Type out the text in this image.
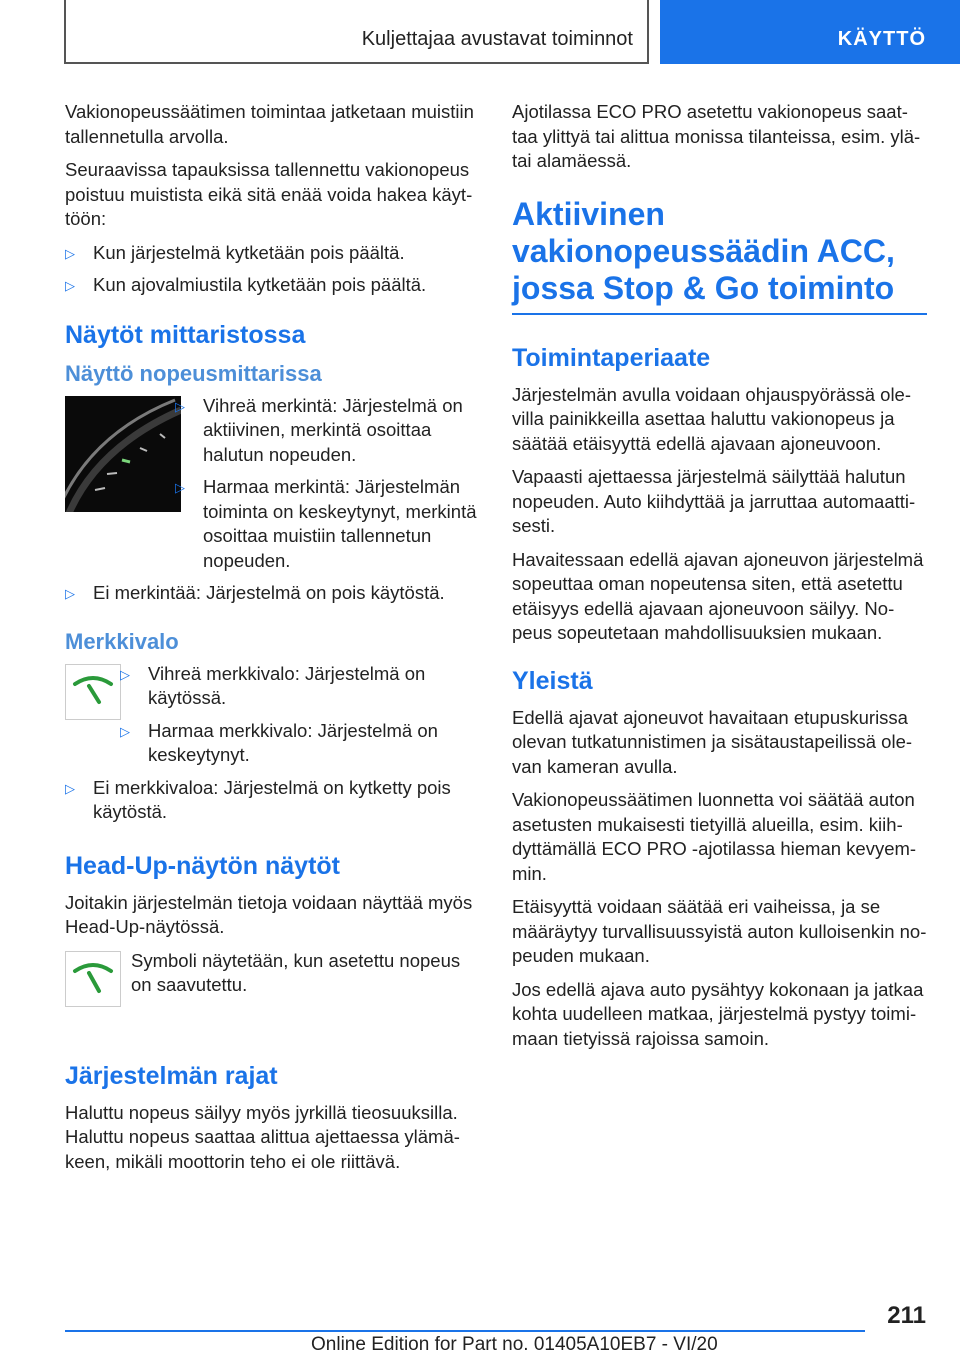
Kuljettajaa avustavat toiminnot	KÄYTTÖ

Vakionopeussäätimen toimintaa jatketaan muistiin tallennetulla arvolla.

Seuraavissa tapauksissa tallennettu vakionopeus poistuu muistista eikä sitä enää voida hakea käyttöön:

▷ Kun järjestelmä kytketään pois päältä.
▷ Kun ajovalmiustila kytketään pois päältä.
Näytöt mittaristossa
Näyttö nopeusmittarissa
▷ Vihreä merkintä: Järjestelmä on aktiivinen, merkintä osoittaa halutun nopeuden.
▷ Harmaa merkintä: Järjestelmän toiminta on keskeytynyt, merkintä osoittaa muistiin tallennetun nopeuden.
▷ Ei merkintää: Järjestelmä on pois käytöstä.
Merkkivalo
▷ Vihreä merkkivalo: Järjestelmä on käytössä.
▷ Harmaa merkkivalo: Järjestelmä on keskeytynyt.
▷ Ei merkkivaloa: Järjestelmä on kytketty pois käytöstä.
Head-Up-näytön näytöt

Joitakin järjestelmän tietoja voidaan näyttää myös Head-Up-näytössä.

Symboli näytetään, kun asetettu nopeus on saavutettu.

Järjestelmän rajat

Haluttu nopeus säilyy myös jyrkillä tieosuuksilla. Haluttu nopeus saattaa alittua ajettaessa ylämäkeen, mikäli moottorin teho ei ole riittävä.

Ajotilassa ECO PRO asetettu vakionopeus saattaa ylittyä tai alittua monissa tilanteissa, esim. ylä- tai alamäessä.

Aktiivinen vakionopeussäädin ACC, jossa Stop & Go toiminto
Toimintaperiaate

Järjestelmän avulla voidaan ohjauspyörässä olevilla painikkeilla asettaa haluttu vakionopeus ja säätää etäisyyttä edellä ajavaan ajoneuvoon.

Vapaasti ajettaessa järjestelmä säilyttää halutun nopeuden. Auto kiihdyttää ja jarruttaa automaattisesti.

Havaitessaan edellä ajavan ajoneuvon järjestelmä sopeuttaa oman nopeutensa siten, että asetettu etäisyys edellä ajavaan ajoneuvoon säilyy. Nopeus sopeutetaan mahdollisuuksien mukaan.

Yleistä

Edellä ajavat ajoneuvot havaitaan etupuskurissa olevan tutkatunnistimen ja sisätaustapeilissä olevan kameran avulla.

Vakionopeussäätimen luonnetta voi säätää auton asetusten mukaisesti tietyillä alueilla, esim. kiihdyttämällä ECO PRO -ajotilassa hieman kevyemmin.

Etäisyyttä voidaan säätää eri vaiheissa, ja se määräytyy turvallisuussyistä auton kulloisenkin nopeuden mukaan.

Jos edellä ajava auto pysähtyy kokonaan ja jatkaa kohta uudelleen matkaa, järjestelmä pystyy toimimaan tietyissä rajoissa samoin.

211
Online Edition for Part no. 01405A10EB7 - VI/20
